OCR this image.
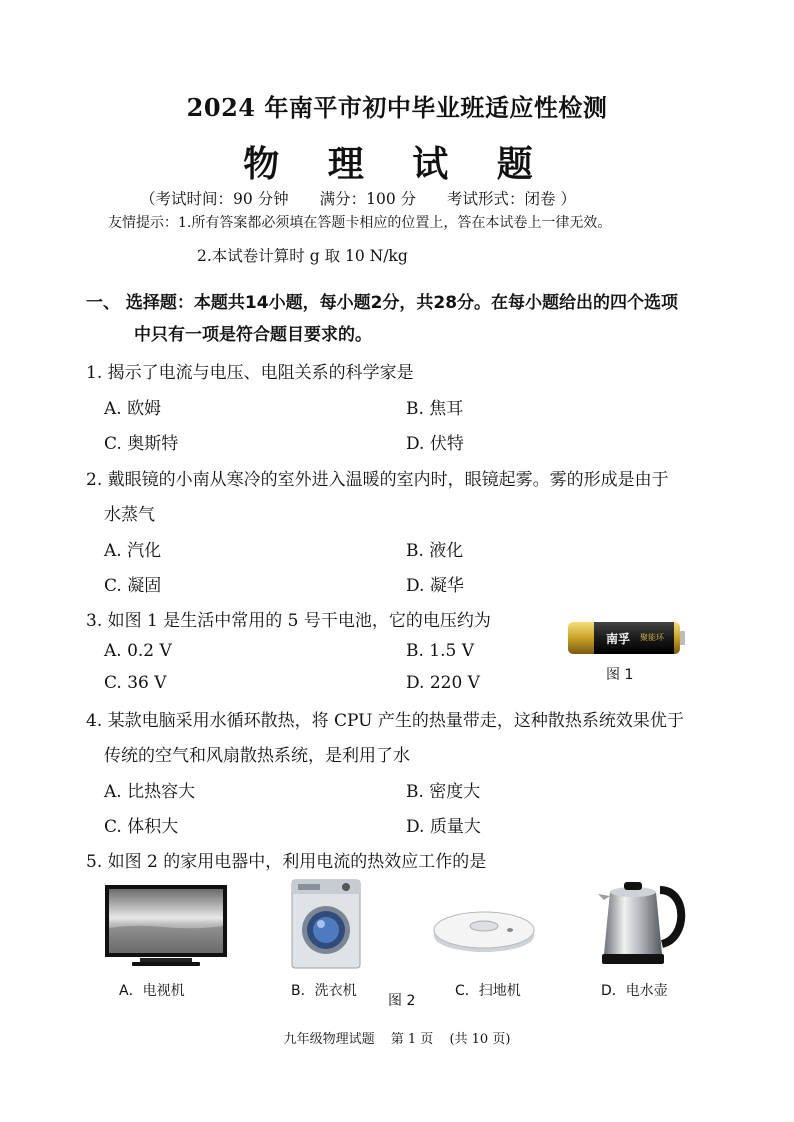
2024 年南平市初中毕业班适应性检测
物 理 试 题
（考试时间：90 分钟 满分：100 分 考试形式：闭卷 ）
友情提示：1.所有答案都必须填在答题卡相应的位置上，答在本试卷上一律无效。
2.本试卷计算时 g 取 10 N/kg
一、 选择题：本题共14小题，每小题2分，共28分。在每小题给出的四个选项
中只有一项是符合题目要求的。
1. 揭示了电流与电压、电阻关系的科学家是
A. 欧姆	B. 焦耳
C. 奥斯特	D. 伏特
2. 戴眼镜的小南从寒冷的室外进入温暖的室内时，眼镜起雾。雾的形成是由于
水蒸气
A. 汽化	B. 液化
C. 凝固	D. 凝华
3. 如图 1 是生活中常用的 5 号干电池，它的电压约为
A. 0.2 V	B. 1.5 V
C. 36 V	D. 220 V
南孚 聚能环
图 1
4. 某款电脑采用水循环散热，将 CPU 产生的热量带走，这种散热系统效果优于
传统的空气和风扇散热系统，是利用了水
A. 比热容大	B. 密度大
C. 体积大	D. 质量大
5. 如图 2 的家用电器中，利用电流的热效应工作的是
A．电视机	B．洗衣机
图 2
C．扫地机	D．电水壶
九年级物理试题 第 1 页 (共 10 页)
